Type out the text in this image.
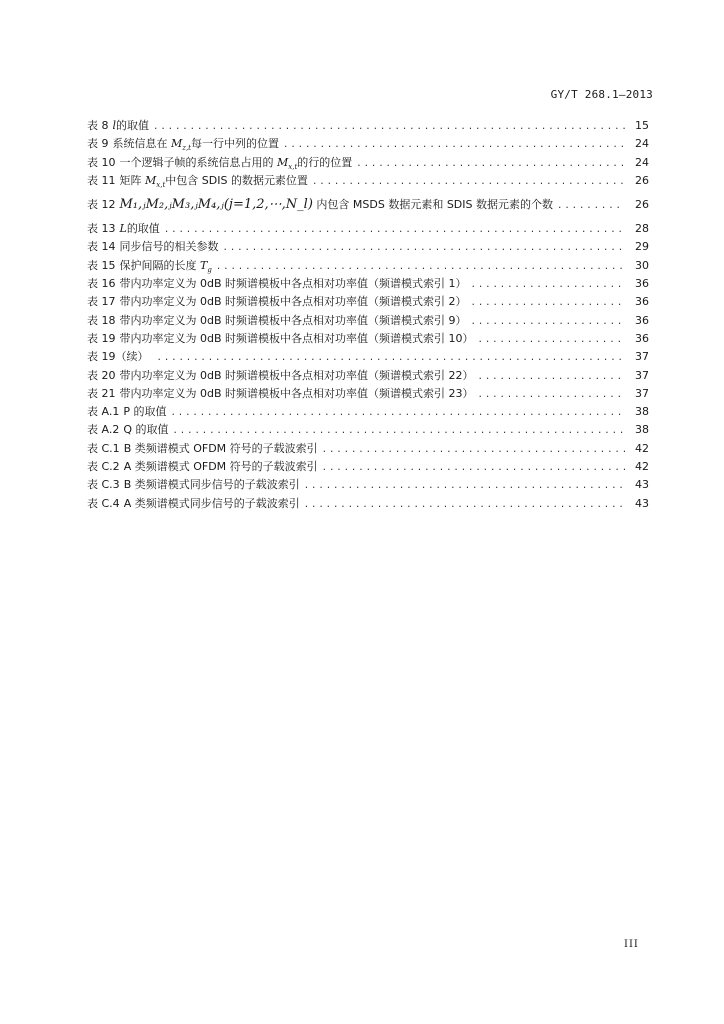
GY/T 268.1—2013
表 8 l的取值 .....	15
表 9 系统信息在 $M_{z,t}$每一行中列的位置 .....	24
表 10 一个逻辑子帧的系统信息占用的 $M_{x,t}$的行的位置 .....	24
表 11 矩阵 $M_{x,t}$中包含 SDIS 的数据元素位置 .....	26
表 12 M₁,ⱼM₂,ⱼM₃,ⱼM₄,ⱼ(j=1,2,⋯,N_l) 内包含 MSDS 数据元素和 SDIS 数据元素的个数 .....	26
表 13 L的取值 .....	28
表 14 同步信号的相关参数 .....	29
表 15 保护间隔的长度 $T_g$ .....	30
表 16 带内功率定义为 0dB 时频谱模板中各点相对功率值（频谱模式索引 1） .....	36
表 17 带内功率定义为 0dB 时频谱模板中各点相对功率值（频谱模式索引 2） .....	36
表 18 带内功率定义为 0dB 时频谱模板中各点相对功率值（频谱模式索引 9） .....	36
表 19 带内功率定义为 0dB 时频谱模板中各点相对功率值（频谱模式索引 10） .....	36
表 19（续） .....	37
表 20 带内功率定义为 0dB 时频谱模板中各点相对功率值（频谱模式索引 22） .....	37
表 21 带内功率定义为 0dB 时频谱模板中各点相对功率值（频谱模式索引 23） .....	37
表 A.1 P 的取值 .....	38
表 A.2 Q 的取值 .....	38
表 C.1 B 类频谱模式 OFDM 符号的子载波索引 .....	42
表 C.2 A 类频谱模式 OFDM 符号的子载波索引 .....	42
表 C.3 B 类频谱模式同步信号的子载波索引 .....	43
表 C.4 A 类频谱模式同步信号的子载波索引 .....	43
III
